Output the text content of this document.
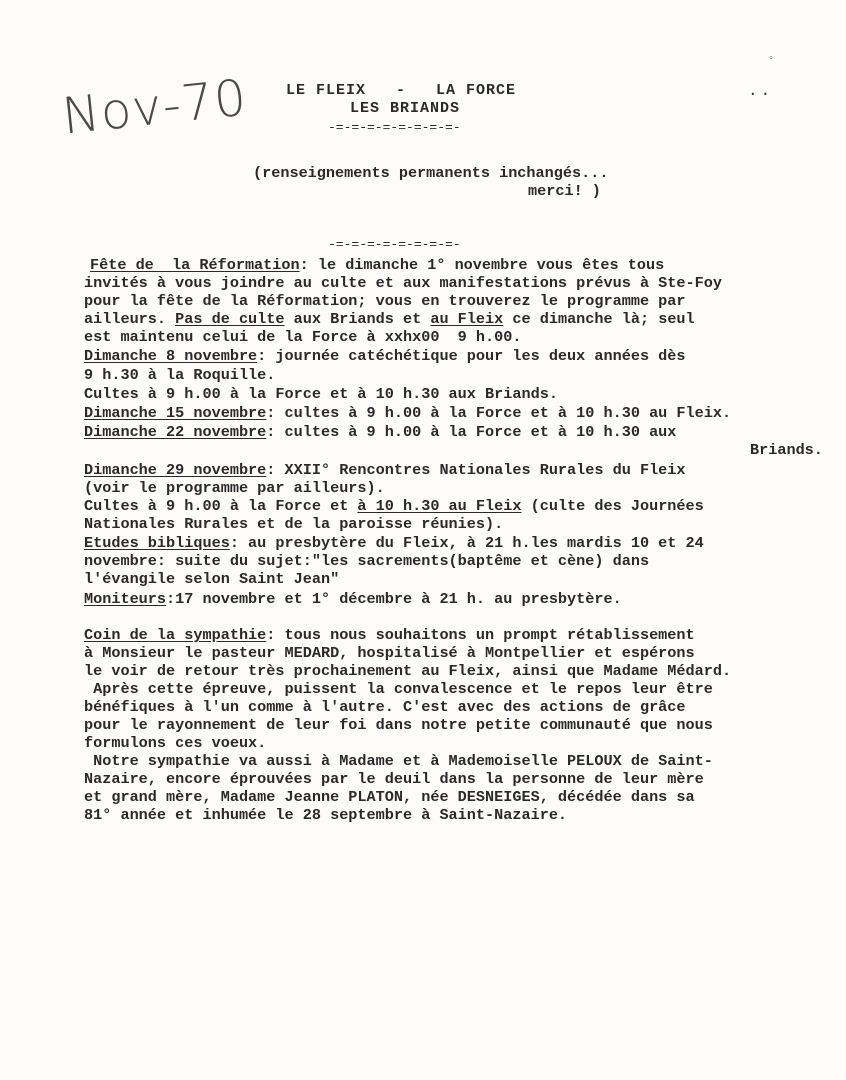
Nov-70	..
°
LE FLEIX   -   LA FORCE
LES BRIANDS
-=-=-=-=-=-=-=-=-
(renseignements permanents inchangés...
merci! )
-=-=-=-=-=-=-=-=-
Fête de  la Réformation: le dimanche 1° novembre vous êtes tous
invités à vous joindre au culte et aux manifestations prévus à Ste-Foy
pour la fête de la Réformation; vous en trouverez le programme par
ailleurs. Pas de culte aux Briands et au Fleix ce dimanche là; seul
est maintenu celui de la Force à xxhx00  9 h.00.
Dimanche 8 novembre: journée catéchétique pour les deux années dès
9 h.30 à la Roquille.
Cultes à 9 h.00 à la Force et à 10 h.30 aux Briands.
Dimanche 15 novembre: cultes à 9 h.00 à la Force et à 10 h.30 au Fleix.
Dimanche 22 novembre: cultes à 9 h.00 à la Force et à 10 h.30 aux
Briands.
Dimanche 29 novembre: XXII° Rencontres Nationales Rurales du Fleix
(voir le programme par ailleurs).
Cultes à 9 h.00 à la Force et à 10 h.30 au Fleix (culte des Journées
Nationales Rurales et de la paroisse réunies).
Etudes bibliques: au presbytère du Fleix, à 21 h.les mardis 10 et 24
novembre: suite du sujet:"les sacrements(baptême et cène) dans
l'évangile selon Saint Jean"
Moniteurs:17 novembre et 1° décembre à 21 h. au presbytère.
Coin de la sympathie: tous nous souhaitons un prompt rétablissement
à Monsieur le pasteur MEDARD, hospitalisé à Montpellier et espérons
le voir de retour très prochainement au Fleix, ainsi que Madame Médard.
Après cette épreuve, puissent la convalescence et le repos leur être
bénéfiques à l'un comme à l'autre. C'est avec des actions de grâce
pour le rayonnement de leur foi dans notre petite communauté que nous
formulons ces voeux.
Notre sympathie va aussi à Madame et à Mademoiselle PELOUX de Saint-
Nazaire, encore éprouvées par le deuil dans la personne de leur mère
et grand mère, Madame Jeanne PLATON, née DESNEIGES, décédée dans sa
81° année et inhumée le 28 septembre à Saint-Nazaire.
